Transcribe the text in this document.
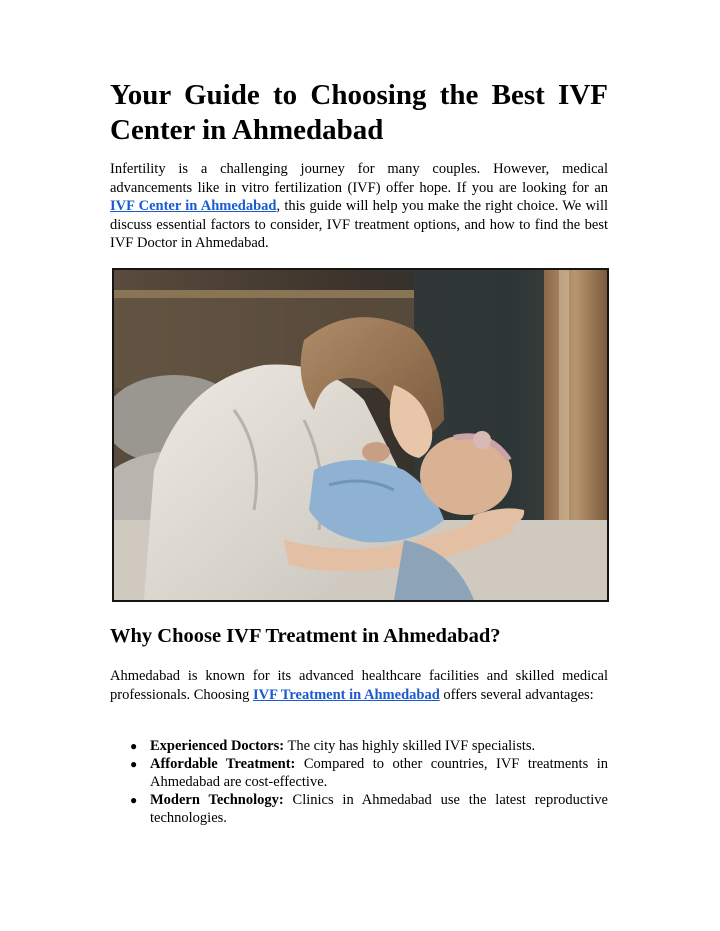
Your Guide to Choosing the Best IVF
Center in Ahmedabad

Infertility is a challenging journey for many couples. However, medical advancements like in vitro fertilization (IVF) offer hope. If you are looking for an IVF Center in Ahmedabad, this guide will help you make the right choice. We will discuss essential factors to consider, IVF treatment options, and how to find the best IVF Doctor in Ahmedabad.

Why Choose IVF Treatment in Ahmedabad?

Ahmedabad is known for its advanced healthcare facilities and skilled medical professionals. Choosing IVF Treatment in Ahmedabad offers several advantages:

● Experienced Doctors: The city has highly skilled IVF specialists.
● Affordable Treatment: Compared to other countries, IVF treatments in Ahmedabad are cost-effective.
● Modern Technology: Clinics in Ahmedabad use the latest reproductive technologies.
